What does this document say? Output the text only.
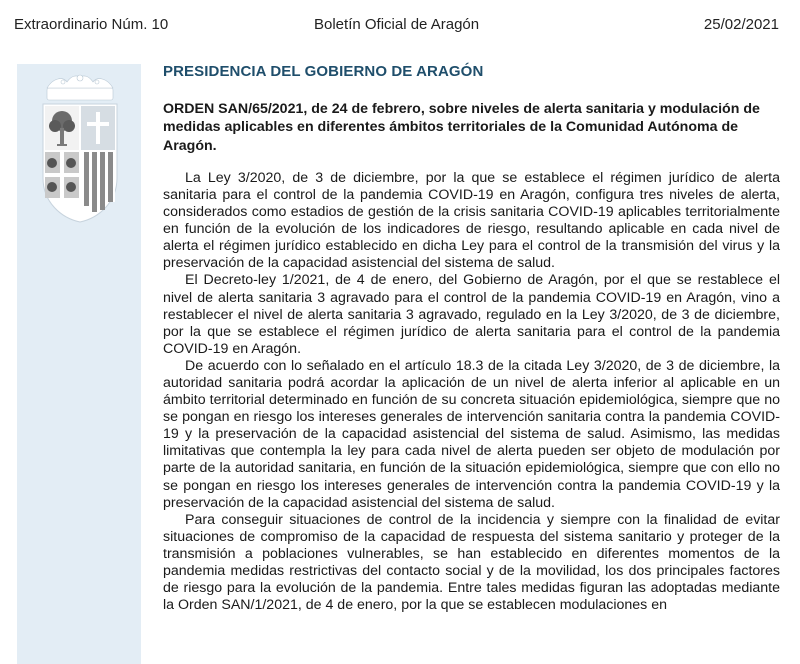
Extraordinario Núm. 10	Boletín Oficial de Aragón	25/02/2021
PRESIDENCIA DEL GOBIERNO DE ARAGÓN
ORDEN SAN/65/2021, de 24 de febrero, sobre niveles de alerta sanitaria y modulación de medidas aplicables en diferentes ámbitos territoriales de la Comunidad Autónoma de Aragón.

La Ley 3/2020, de 3 de diciembre, por la que se establece el régimen jurídico de alerta sanitaria para el control de la pandemia COVID-19 en Aragón, configura tres niveles de alerta, considerados como estadios de gestión de la crisis sanitaria COVID-19 aplicables territorialmente en función de la evolución de los indicadores de riesgo, resultando aplicable en cada nivel de alerta el régimen jurídico establecido en dicha Ley para el control de la transmisión del virus y la preservación de la capacidad asistencial del sistema de salud.

El Decreto-ley 1/2021, de 4 de enero, del Gobierno de Aragón, por el que se restablece el nivel de alerta sanitaria 3 agravado para el control de la pandemia COVID-19 en Aragón, vino a restablecer el nivel de alerta sanitaria 3 agravado, regulado en la Ley 3/2020, de 3 de diciembre, por la que se establece el régimen jurídico de alerta sanitaria para el control de la pandemia COVID-19 en Aragón.

De acuerdo con lo señalado en el artículo 18.3 de la citada Ley 3/2020, de 3 de diciembre, la autoridad sanitaria podrá acordar la aplicación de un nivel de alerta inferior al aplicable en un ámbito territorial determinado en función de su concreta situación epidemiológica, siempre que no se pongan en riesgo los intereses generales de intervención sanitaria contra la pandemia COVID-19 y la preservación de la capacidad asistencial del sistema de salud. Asimismo, las medidas limitativas que contempla la ley para cada nivel de alerta pueden ser objeto de modulación por parte de la autoridad sanitaria, en función de la situación epidemiológica, siempre que con ello no se pongan en riesgo los intereses generales de intervención contra la pandemia COVID-19 y la preservación de la capacidad asistencial del sistema de salud.

Para conseguir situaciones de control de la incidencia y siempre con la finalidad de evitar situaciones de compromiso de la capacidad de respuesta del sistema sanitario y proteger de la transmisión a poblaciones vulnerables, se han establecido en diferentes momentos de la pandemia medidas restrictivas del contacto social y de la movilidad, los dos principales factores de riesgo para la evolución de la pandemia. Entre tales medidas figuran las adoptadas mediante la Orden SAN/1/2021, de 4 de enero, por la que se establecen modulaciones en
